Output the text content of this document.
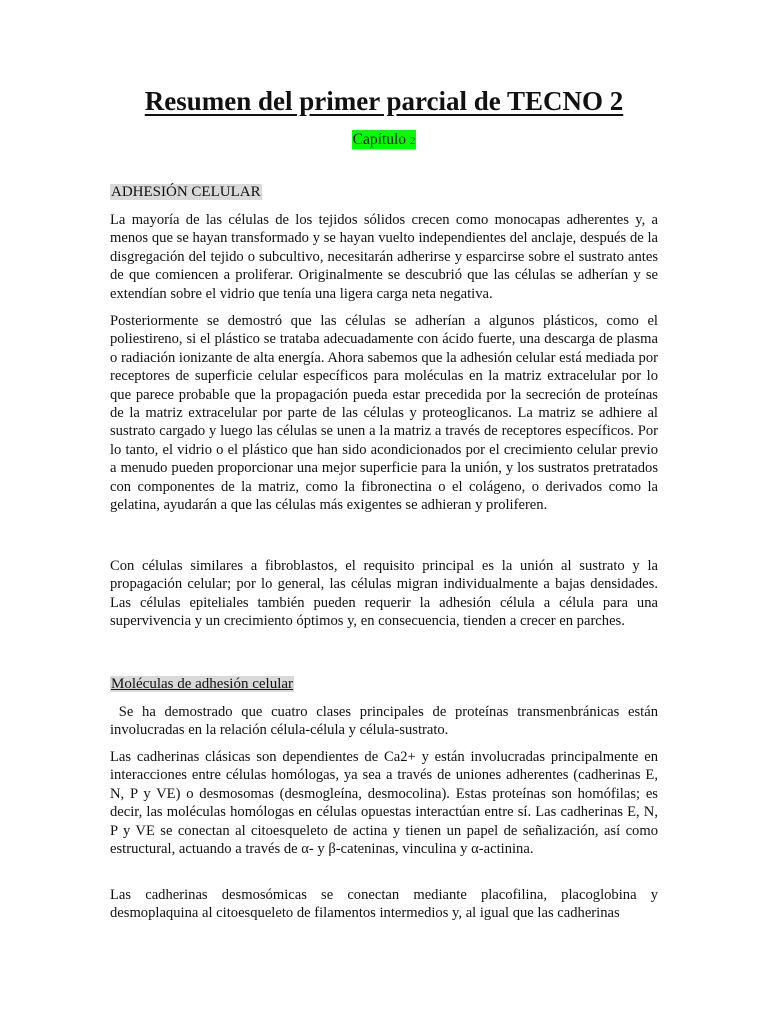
Resumen del primer parcial de TECNO 2
Capítulo 2
ADHESIÓN CELULAR

La mayoría de las células de los tejidos sólidos crecen como monocapas adherentes y, a menos que se hayan transformado y se hayan vuelto independientes del anclaje, después de la disgregación del tejido o subcultivo, necesitarán adherirse y esparcirse sobre el sustrato antes de que comiencen a proliferar. Originalmente se descubrió que las células se adherían y se extendían sobre el vidrio que tenía una ligera carga neta negativa.

Posteriormente se demostró que las células se adherían a algunos plásticos, como el poliestireno, si el plástico se trataba adecuadamente con ácido fuerte, una descarga de plasma o radiación ionizante de alta energía. Ahora sabemos que la adhesión celular está mediada por receptores de superficie celular específicos para moléculas en la matriz extracelular por lo que parece probable que la propagación pueda estar precedida por la secreción de proteínas de la matriz extracelular por parte de las células y proteoglicanos. La matriz se adhiere al sustrato cargado y luego las células se unen a la matriz a través de receptores específicos. Por lo tanto, el vidrio o el plástico que han sido acondicionados por el crecimiento celular previo a menudo pueden proporcionar una mejor superficie para la unión, y los sustratos pretratados con componentes de la matriz, como la fibronectina o el colágeno, o derivados como la gelatina, ayudarán a que las células más exigentes se adhieran y proliferen.

Con células similares a fibroblastos, el requisito principal es la unión al sustrato y la propagación celular; por lo general, las células migran individualmente a bajas densidades. Las células epiteliales también pueden requerir la adhesión célula a célula para una supervivencia y un crecimiento óptimos y, en consecuencia, tienden a crecer en parches.

Moléculas de adhesión celular

Se ha demostrado que cuatro clases principales de proteínas transmenbránicas están involucradas en la relación célula-célula y célula-sustrato.

Las cadherinas clásicas son dependientes de Ca2+ y están involucradas principalmente en interacciones entre células homólogas, ya sea a través de uniones adherentes (cadherinas E, N, P y VE) o desmosomas (desmogleína, desmocolina). Estas proteínas son homófilas; es decir, las moléculas homólogas en células opuestas interactúan entre sí. Las cadherinas E, N, P y VE se conectan al citoesqueleto de actina y tienen un papel de señalización, así como estructural, actuando a través de α- y β-cateninas, vinculina y α-actinina.

Las cadherinas desmosómicas se conectan mediante placofilina, placoglobina y desmoplaquina al citoesqueleto de filamentos intermedios y, al igual que las cadherinas
